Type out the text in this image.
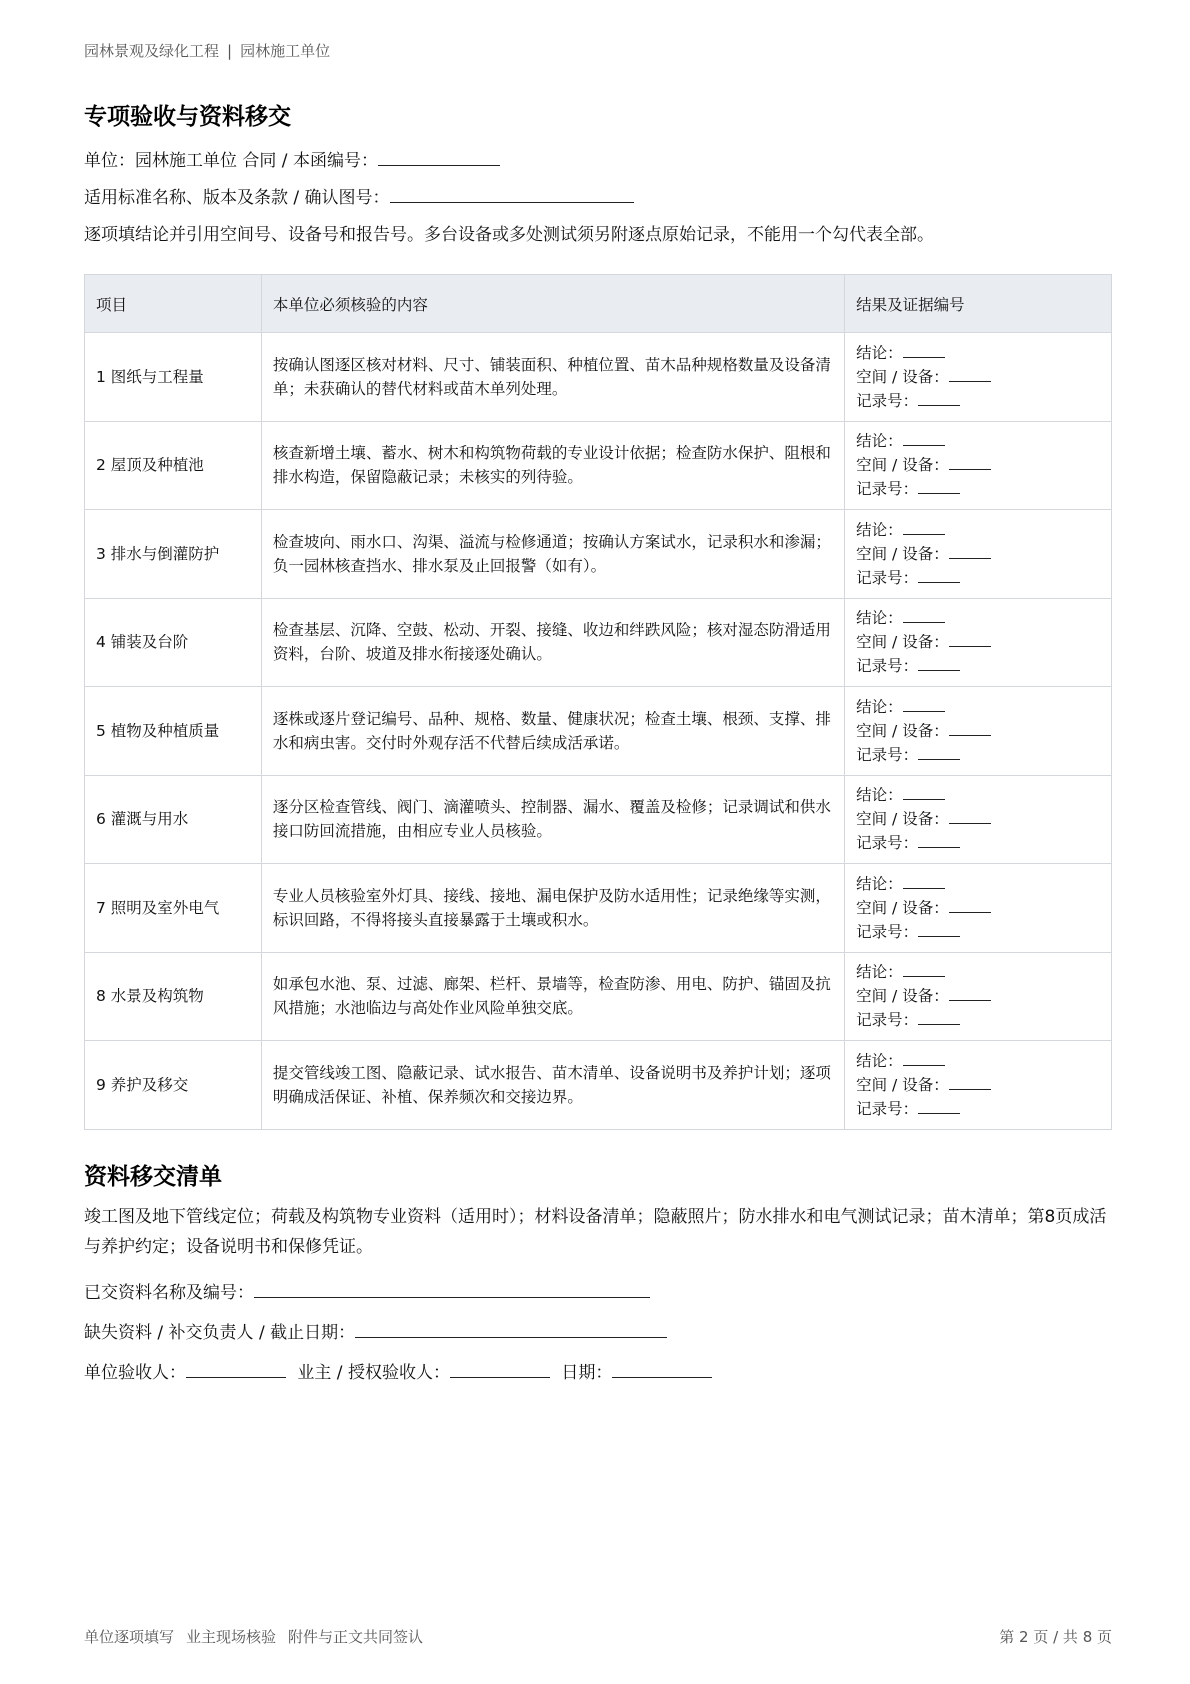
园林景观及绿化工程 | 园林施工单位
专项验收与资料移交
单位：园林施工单位 合同 / 本函编号：
适用标准名称、版本及条款 / 确认图号：
逐项填结论并引用空间号、设备号和报告号。多台设备或多处测试须另附逐点原始记录，不能用一个勾代表全部。
项目	本单位必须核验的内容	结果及证据编号
1 图纸与工程量	按确认图逐区核对材料、尺寸、铺装面积、种植位置、苗木品种规格数量及设备清单；未获确认的替代材料或苗木单列处理。	结论：
空间 / 设备：
记录号：

2 屋顶及种植池	核查新增土壤、蓄水、树木和构筑物荷载的专业设计依据；检查防水保护、阻根和排水构造，保留隐蔽记录；未核实的列待验。	结论：
空间 / 设备：
记录号：

3 排水与倒灌防护	检查坡向、雨水口、沟渠、溢流与检修通道；按确认方案试水，记录积水和渗漏；负一园林核查挡水、排水泵及止回报警（如有）。	结论：
空间 / 设备：
记录号：

4 铺装及台阶	检查基层、沉降、空鼓、松动、开裂、接缝、收边和绊跌风险；核对湿态防滑适用资料，台阶、坡道及排水衔接逐处确认。	结论：
空间 / 设备：
记录号：

5 植物及种植质量	逐株或逐片登记编号、品种、规格、数量、健康状况；检查土壤、根颈、支撑、排水和病虫害。交付时外观存活不代替后续成活承诺。	结论：
空间 / 设备：
记录号：

6 灌溉与用水	逐分区检查管线、阀门、滴灌喷头、控制器、漏水、覆盖及检修；记录调试和供水接口防回流措施，由相应专业人员核验。	结论：
空间 / 设备：
记录号：

7 照明及室外电气	专业人员核验室外灯具、接线、接地、漏电保护及防水适用性；记录绝缘等实测，标识回路，不得将接头直接暴露于土壤或积水。	结论：
空间 / 设备：
记录号：

8 水景及构筑物	如承包水池、泵、过滤、廊架、栏杆、景墙等，检查防渗、用电、防护、锚固及抗风措施；水池临边与高处作业风险单独交底。	结论：
空间 / 设备：
记录号：

9 养护及移交	提交管线竣工图、隐蔽记录、试水报告、苗木清单、设备说明书及养护计划；逐项明确成活保证、补植、保养频次和交接边界。	结论：
空间 / 设备：
记录号：
资料移交清单
竣工图及地下管线定位；荷载及构筑物专业资料（适用时）；材料设备清单；隐蔽照片；防水排水和电气测试记录；苗木清单；第8页成活与养护约定；设备说明书和保修凭证。
已交资料名称及编号：
缺失资料 / 补交负责人 / 截止日期：
单位验收人：	业主 / 授权验收人：	日期：
单位逐项填写 业主现场核验 附件与正文共同签认	第 2 页 / 共 8 页
